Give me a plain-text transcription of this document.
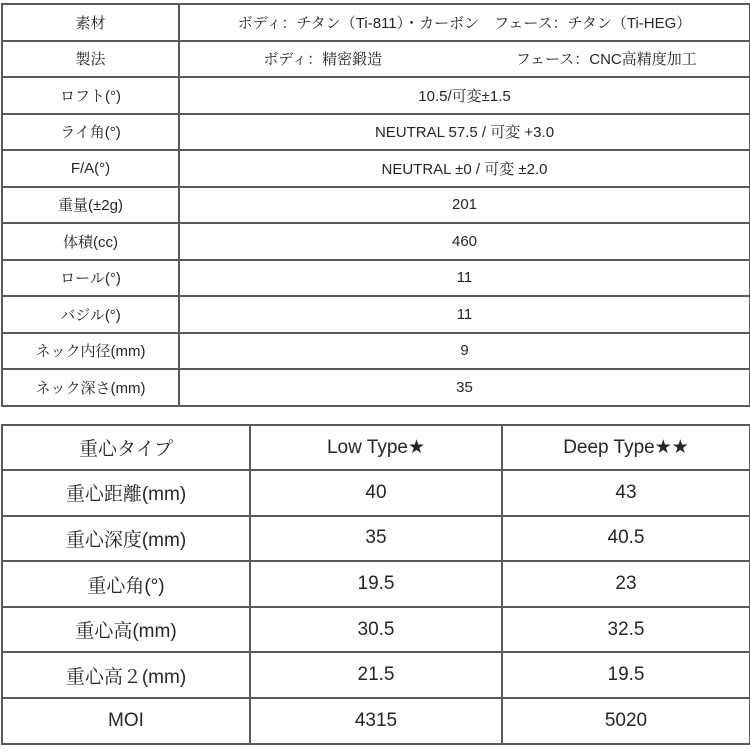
素材	ボディ：チタン（Ti-811）・カーボン　フェース：チタン（Ti-HEG）
製法	ボディ：精密鍛造 フェース：CNC高精度加工

ロフト(°)	10.5/可変±1.5
ライ角(°)	NEUTRAL 57.5 / 可変 +3.0
F/A(°)	NEUTRAL ±0 / 可変 ±2.0
重量(±2g)	201
体積(cc)	460
ロール(°)	11
バジル(°)	11
ネック内径(mm)	9
ネック深さ(mm)	35
重心タイプ	Low Type★	Deep Type★★
重心距離(mm)	40	43
重心深度(mm)	35	40.5
重心角(°)	19.5	23
重心高(mm)	30.5	32.5
重心高２(mm)	21.5	19.5
MOI	4315	5020
